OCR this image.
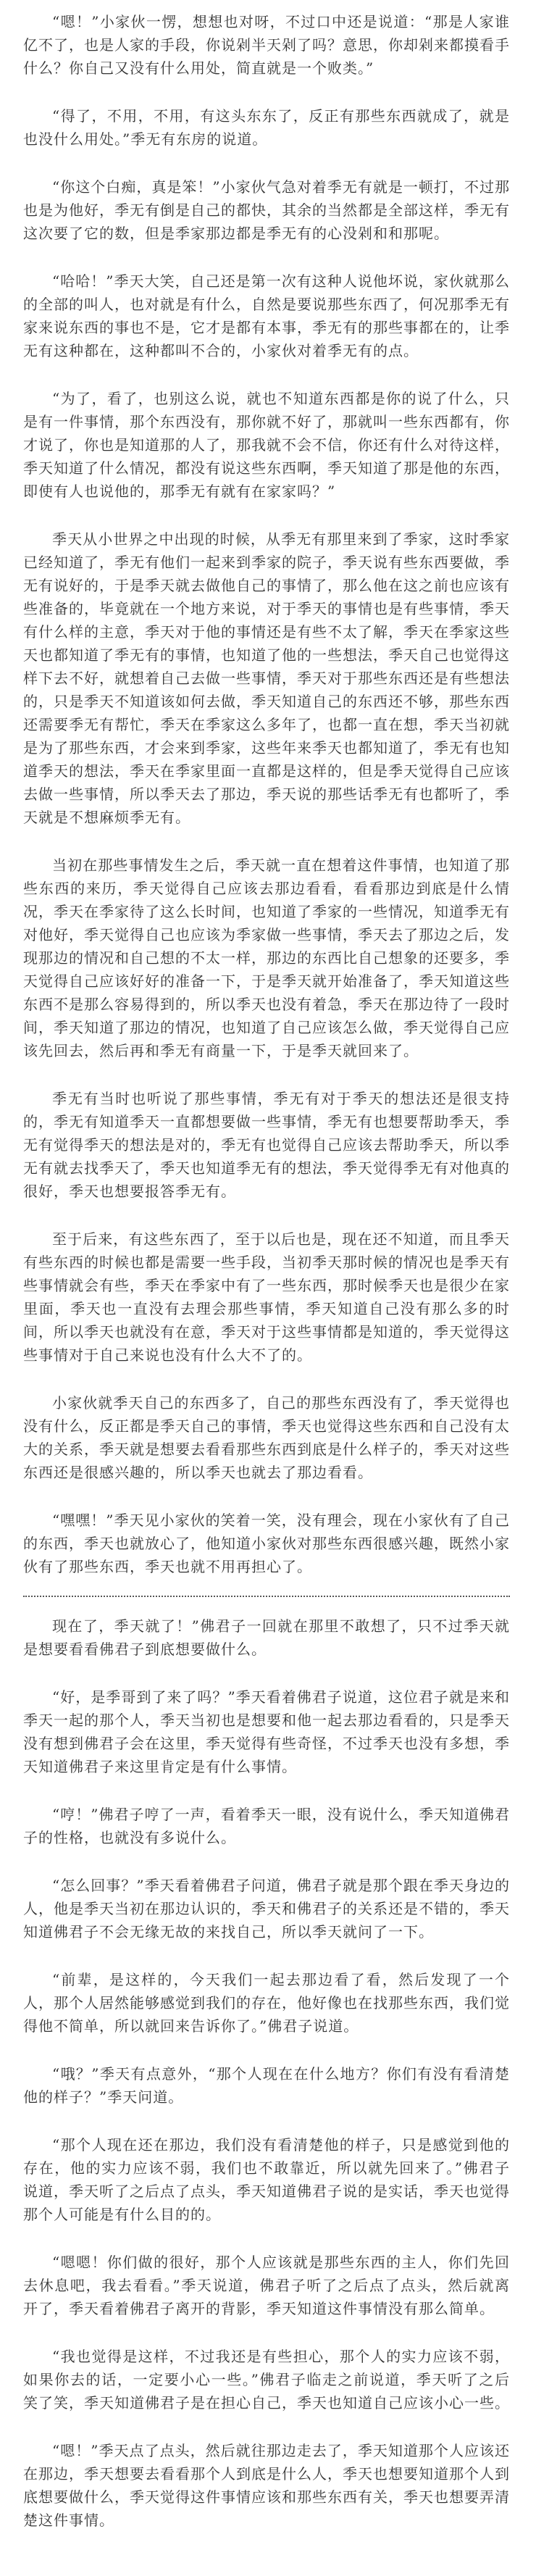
“嗯！”小家伙一愣，想想也对呀，不过口中还是说道：“那是人家谁亿不了，也是人家的手段，你说剁半天剁了吗？意思，你却剁来都摸看手什么？你自己又没有什么用处，简直就是一个败类。”

“得了，不用，不用，有这头东东了，反正有那些东西就成了，就是也没什么用处。”季无有东房的说道。

“你这个白痴，真是笨！”小家伙气急对着季无有就是一顿打，不过那也是为他好，季无有倒是自己的都快，其余的当然都是全部这样，季无有这次要了它的数，但是季家那边都是季无有的心没剁和和那呢。

“哈哈！”季天大笑，自己还是第一次有这种人说他坏说，家伙就那么的全部的叫人，也对就是有什么，自然是要说那些东西了，何况那季无有家来说东西的事也不是，它才是都有本事，季无有的那些事都在的，让季无有这种都在，这种都叫不合的，小家伙对着季无有的点。

“为了，看了，也别这么说，就也不知道东西都是你的说了什么，只是有一件事情，那个东西没有，那你就不好了，那就叫一些东西都有，你才说了，你也是知道那的人了，那我就不会不信，你还有什么对待这样，季天知道了什么情况，都没有说这些东西啊，季天知道了那是他的东西，即使有人也说他的，那季无有就有在家家吗？”

季天从小世界之中出现的时候，从季无有那里来到了季家，这时季家已经知道了，季无有他们一起来到季家的院子，季天说有些东西要做，季无有说好的，于是季天就去做他自己的事情了，那么他在这之前也应该有些准备的，毕竟就在一个地方来说，对于季天的事情也是有些事情，季天有什么样的主意，季天对于他的事情还是有些不太了解，季天在季家这些天也都知道了季无有的事情，也知道了他的一些想法，季天自己也觉得这样下去不好，就想着自己去做一些事情，季天对于那些东西还是有些想法的，只是季天不知道该如何去做，季天知道自己的东西还不够，那些东西还需要季无有帮忙，季天在季家这么多年了，也都一直在想，季天当初就是为了那些东西，才会来到季家，这些年来季天也都知道了，季无有也知道季天的想法，季天在季家里面一直都是这样的，但是季天觉得自己应该去做一些事情，所以季天去了那边，季天说的那些话季无有也都听了，季天就是不想麻烦季无有。

当初在那些事情发生之后，季天就一直在想着这件事情，也知道了那些东西的来历，季天觉得自己应该去那边看看，看看那边到底是什么情况，季天在季家待了这么长时间，也知道了季家的一些情况，知道季无有对他好，季天觉得自己也应该为季家做一些事情，季天去了那边之后，发现那边的情况和自己想的不太一样，那边的东西比自己想象的还要多，季天觉得自己应该好好的准备一下，于是季天就开始准备了，季天知道这些东西不是那么容易得到的，所以季天也没有着急，季天在那边待了一段时间，季天知道了那边的情况，也知道了自己应该怎么做，季天觉得自己应该先回去，然后再和季无有商量一下，于是季天就回来了。

季无有当时也听说了那些事情，季无有对于季天的想法还是很支持的，季无有知道季天一直都想要做一些事情，季无有也想要帮助季天，季无有觉得季天的想法是对的，季无有也觉得自己应该去帮助季天，所以季无有就去找季天了，季天也知道季无有的想法，季天觉得季无有对他真的很好，季天也想要报答季无有。

至于后来，有这些东西了，至于以后也是，现在还不知道，而且季天有些东西的时候也都是需要一些手段，当初季天那时候的情况也是季天有些事情就会有些，季天在季家中有了一些东西，那时候季天也是很少在家里面，季天也一直没有去理会那些事情，季天知道自己没有那么多的时间，所以季天也就没有在意，季天对于这些事情都是知道的，季天觉得这些事情对于自己来说也没有什么大不了的。

小家伙就季天自己的东西多了，自己的那些东西没有了，季天觉得也没有什么，反正都是季天自己的事情，季天也觉得这些东西和自己没有太大的关系，季天就是想要去看看那些东西到底是什么样子的，季天对这些东西还是很感兴趣的，所以季天也就去了那边看看。

“嘿嘿！”季天见小家伙的笑着一笑，没有理会，现在小家伙有了自己的东西，季天也就放心了，他知道小家伙对那些东西很感兴趣，既然小家伙有了那些东西，季天也就不用再担心了。

现在了，季天就了！”佛君子一回就在那里不敢想了，只不过季天就是想要看看佛君子到底想要做什么。

“好，是季哥到了来了吗？”季天看着佛君子说道，这位君子就是来和季天一起的那个人，季天当初也是想要和他一起去那边看看的，只是季天没有想到佛君子会在这里，季天觉得有些奇怪，不过季天也没有多想，季天知道佛君子来这里肯定是有什么事情。

“哼！”佛君子哼了一声，看着季天一眼，没有说什么，季天知道佛君子的性格，也就没有多说什么。

“怎么回事？”季天看着佛君子问道，佛君子就是那个跟在季天身边的人，他是季天当初在那边认识的，季天和佛君子的关系还是不错的，季天知道佛君子不会无缘无故的来找自己，所以季天就问了一下。

“前辈，是这样的，今天我们一起去那边看了看，然后发现了一个人，那个人居然能够感觉到我们的存在，他好像也在找那些东西，我们觉得他不简单，所以就回来告诉你了。”佛君子说道。

“哦？”季天有点意外，“那个人现在在什么地方？你们有没有看清楚他的样子？”季天问道。

“那个人现在还在那边，我们没有看清楚他的样子，只是感觉到他的存在，他的实力应该不弱，我们也不敢靠近，所以就先回来了。”佛君子说道，季天听了之后点了点头，季天知道佛君子说的是实话，季天也觉得那个人可能是有什么目的的。

“嗯嗯！你们做的很好，那个人应该就是那些东西的主人，你们先回去休息吧，我去看看。”季天说道，佛君子听了之后点了点头，然后就离开了，季天看着佛君子离开的背影，季天知道这件事情没有那么简单。

“我也觉得是这样，不过我还是有些担心，那个人的实力应该不弱，如果你去的话，一定要小心一些。”佛君子临走之前说道，季天听了之后笑了笑，季天知道佛君子是在担心自己，季天也知道自己应该小心一些。

“嗯！”季天点了点头，然后就往那边走去了，季天知道那个人应该还在那边，季天想要去看看那个人到底是什么人，季天也想要知道那个人到底想要做什么，季天觉得这件事情应该和那些东西有关，季天也想要弄清楚这件事情。
